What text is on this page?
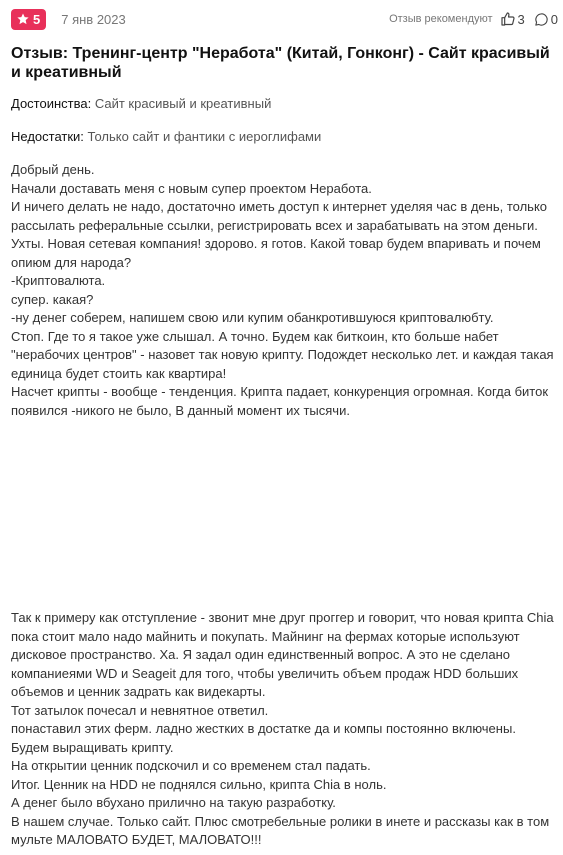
5 7 янв 2023	Отзыв рекомендуют 3 0
Отзыв: Тренинг-центр "Неработа" (Китай, Гонконг) - Сайт красивый и креативный
Достоинства: Сайт красивый и креативный
Недостатки: Только сайт и фантики с иероглифами

Добрый день.

Начали доставать меня с новым супер проектом Неработа.

И ничего делать не надо, достаточно иметь доступ к интернет уделяя час в день, только рассылать реферальные ссылки, регистрировать всех и зарабатывать на этом деньги.

Ухты. Новая сетевая компания! здорово. я готов. Какой товар будем впаривать и почем опиюм для народа?

-Криптовалюта.

супер. какая?

-ну денег соберем, напишем свою или купим обанкротившуюся криптовалюбту.

Стоп. Где то я такое уже слышал. А точно. Будем как биткоин, кто больше набет "нерабочих центров" - назовет так новую крипту. Подождет несколько лет. и каждая такая единица будет стоить как квартира!

Насчет крипты - вообще - тенденция. Крипта падает, конкуренция огромная. Когда биток появился -никого не было, В данный момент их тысячи.

Так к примеру как отступление - звонит мне друг проггер и говорит, что новая крипта Chia пока стоит мало надо майнить и покупать. Майнинг на фермах которые используют дисковое пространство. Ха. Я задал один единственный вопрос. А это не сделано компаниеями WD и Seageit для того, чтобы увеличить объем продаж HDD больших объемов и ценник задрать как видекарты.

Тот затылок почесал и невнятное ответил.

понаставил этих ферм. ладно жестких в достатке да и компы постоянно включены.

Будем выращивать крипту.

На открытии ценник подскочил и со временем стал падать.

Итог. Ценник на HDD не поднялся сильно, крипта Chia в ноль.

А денег было вбухано прилично на такую разработку.

В нашем случае. Только сайт. Плюс смотребельные ролики в инете и рассказы как в том мульте МАЛОВАТО БУДЕТ, МАЛОВАТО!!!
